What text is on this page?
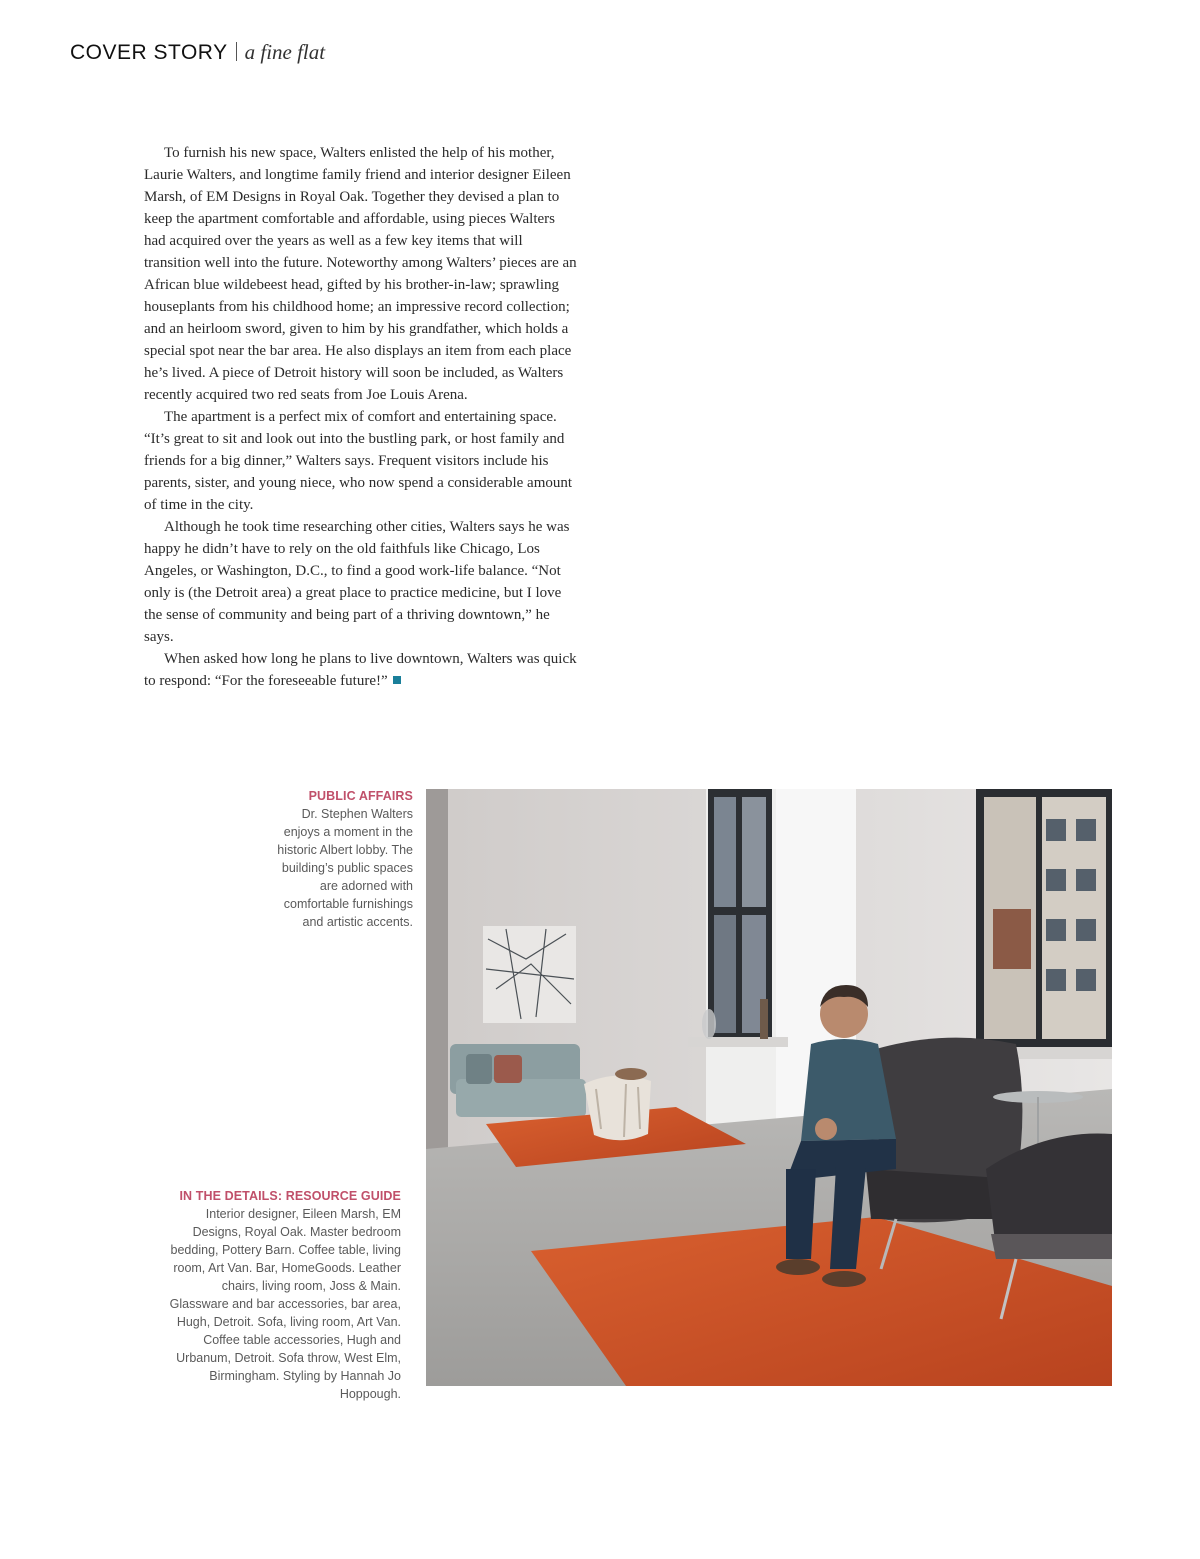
COVER STORY a fine flat

To furnish his new space, Walters enlisted the help of his mother, Laurie Walters, and longtime family friend and interior designer Eileen Marsh, of EM Designs in Royal Oak. Together they devised a plan to keep the apartment comfortable and affordable, using pieces Walters had acquired over the years as well as a few key items that will transition well into the future. Noteworthy among Walters’ pieces are an African blue wildebeest head, gifted by his brother-in-law; sprawling houseplants from his childhood home; an impressive record collection; and an heirloom sword, given to him by his grandfather, which holds a special spot near the bar area. He also displays an item from each place he’s lived. A piece of Detroit history will soon be included, as Walters recently acquired two red seats from Joe Louis Arena.

The apartment is a perfect mix of comfort and entertaining space. “It’s great to sit and look out into the bustling park, or host family and friends for a big dinner,” Walters says. Frequent visitors include his parents, sister, and young niece, who now spend a considerable amount of time in the city.

Although he took time researching other cities, Walters says he was happy he didn’t have to rely on the old faithfuls like Chicago, Los Angeles, or Washington, D.C., to find a good work-life balance. “Not only is (the Detroit area) a great place to practice medicine, but I love the sense of community and being part of a thriving downtown,” he says.

When asked how long he plans to live downtown, Walters was quick to respond: “For the foreseeable future!”

PUBLIC AFFAIRS
Dr. Stephen Walters enjoys a moment in the historic Albert lobby. The building’s public spaces are adorned with comfortable furnishings and artistic accents.
IN THE DETAILS: RESOURCE GUIDE
Interior designer, Eileen Marsh, EM Designs, Royal Oak. Master bedroom bedding, Pottery Barn. Coffee table, living room, Art Van. Bar, HomeGoods. Leather chairs, living room, Joss & Main. Glassware and bar accessories, bar area, Hugh, Detroit. Sofa, living room, Art Van. Coffee table accessories, Hugh and Urbanum, Detroit. Sofa throw, West Elm, Birmingham. Styling by Hannah Jo Hoppough.
